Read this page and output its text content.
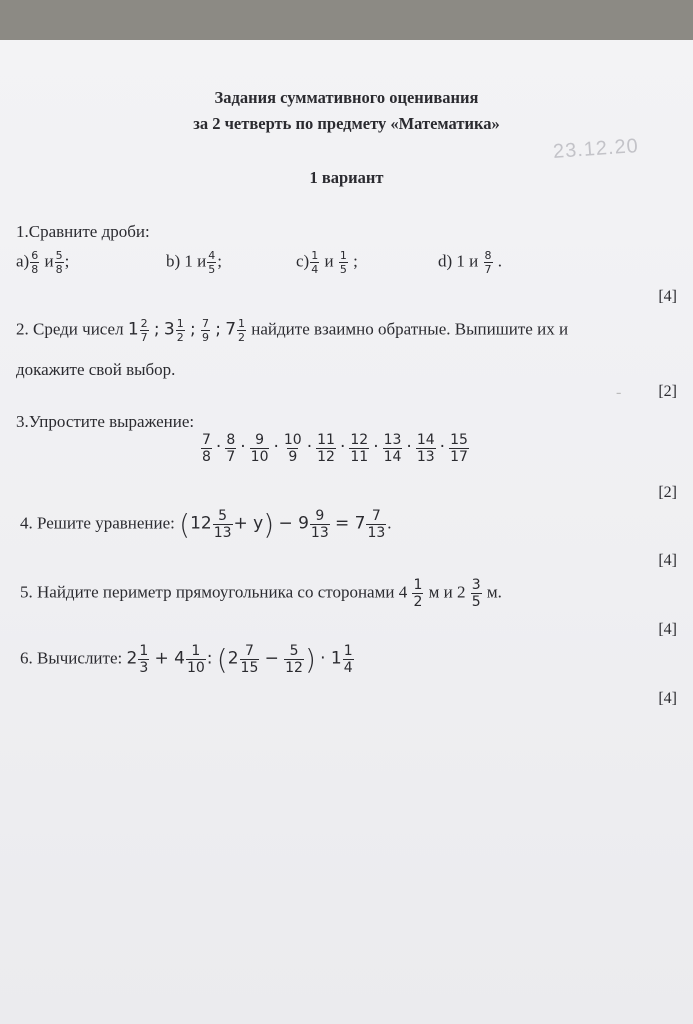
Задания суммативного оценивания
за 2 четверть по предмету «Математика»
23.12.20
1 вариант
1.Сравните дроби:
$a) \frac{6}{8}$ и $\frac{5}{8}$ ;	b) 1 и $\frac{4}{5}$ ;	$c) \frac{1}{4}$ и $\frac{1}{5}$ ;	d) 1 и $\frac{8}{7}$ .
[4]
2. Среди чисел $1 \frac{2}{7}$ ; $3 \frac{1}{2}$ ; $\frac{7}{9}$ ; $7 \frac{1}{2}$ найдите взаимно обратные. Выпишите их и
докажите свой выбор.
- [2]
3.Упростите выражение:
$\frac{7}{8} \cdot \frac{8}{7} \cdot \frac{9}{10} \cdot \frac{10}{9} \cdot \frac{11}{12} \cdot \frac{12}{11} \cdot \frac{13}{14} \cdot \frac{14}{13} \cdot \frac{15}{17}$
[2]
4. Решите уравнение: $(12 \frac{5}{13} + y) - 9 \frac{9}{13} = 7 \frac{7}{13}$ .
[4]
5. Найдите периметр прямоугольника со сторонами $4 \frac{1}{2}$ м и $2 \frac{3}{5} м$.
[4]
6. Вычислите: $2 \frac{1}{3} + 4 \frac{1}{10}$ : ($2 \frac{7}{15} - \frac{5}{12}$ ) · $1 \frac{1}{4}$
[4]
